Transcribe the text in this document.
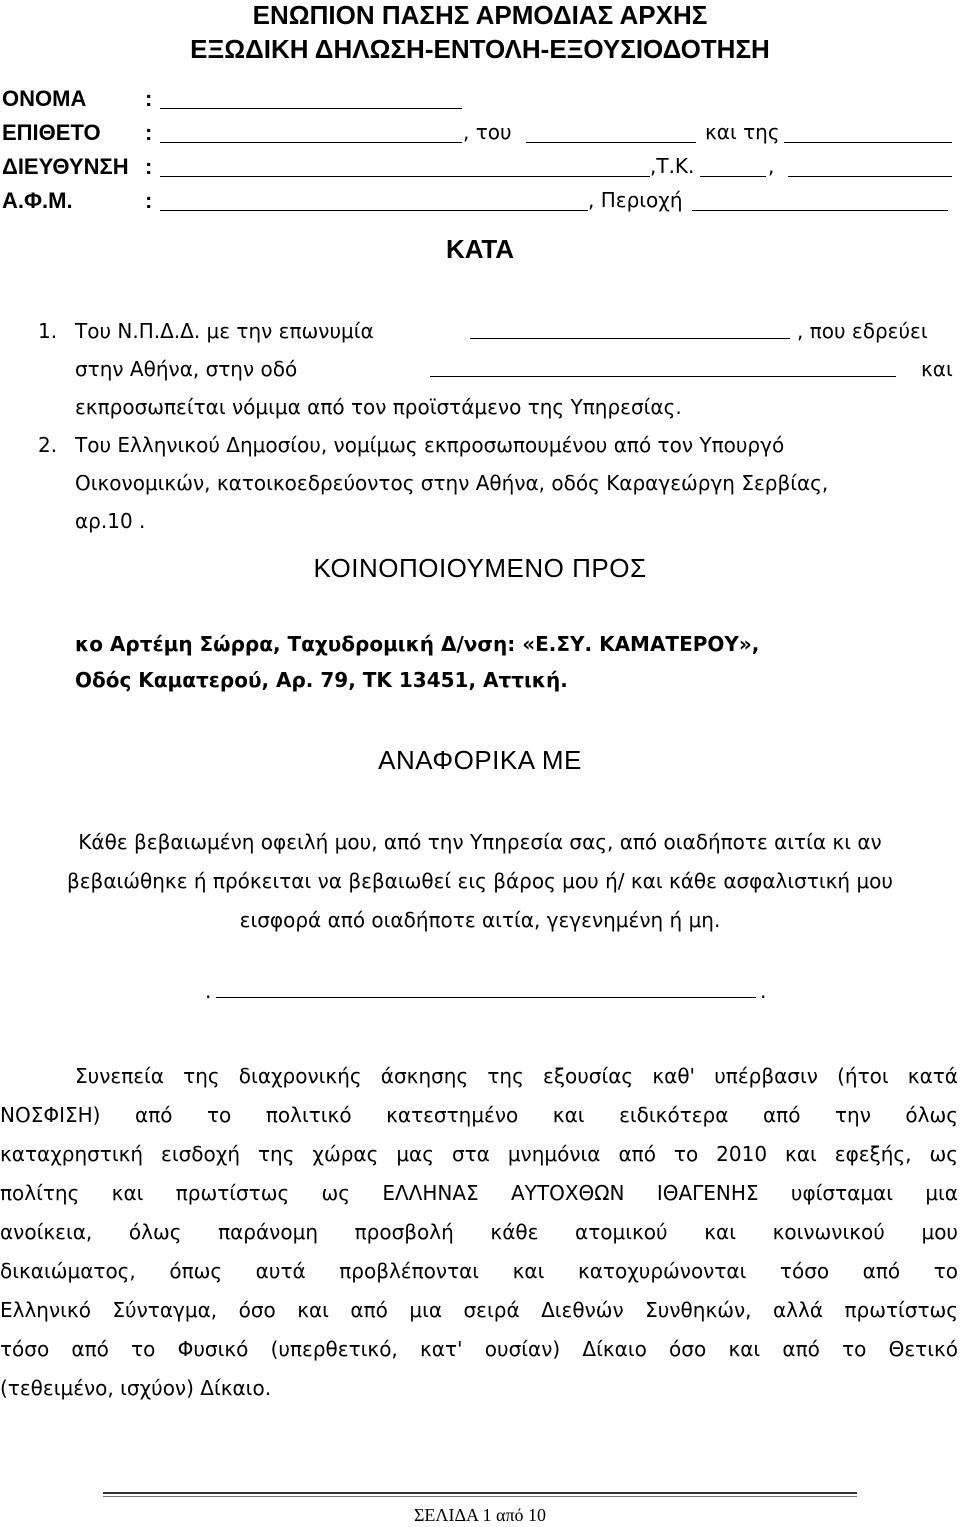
ΕΝΩΠΙΟΝ ΠΑΣΗΣ ΑΡΜΟΔΙΑΣ ΑΡΧΗΣ
ΕΞΩΔΙΚΗ ΔΗΛΩΣΗ-ΕΝΤΟΛΗ-ΕΞΟΥΣΙΟΔΟΤΗΣΗ
ΟΝΟΜΑ	:
ΕΠΙΘΕΤΟ :	, του	και της
ΔΙΕΥΘΥΝΣΗ :	,Τ.Κ.	,
Α.Φ.Μ.	:	, Περιοχή
ΚΑΤΑ
1. Του Ν.Π.Δ.Δ. με την επωνυμία	, που εδρεύει
στην Αθήνα, στην οδό	και
εκπροσωπείται νόμιμα από τον προϊστάμενο της Υπηρεσίας.
2. Του Ελληνικού Δημοσίου, νομίμως εκπροσωπουμένου από τον Υπουργό
Οικονομικών, κατοικοεδρεύοντος στην Αθήνα, οδός Καραγεώργη Σερβίας,
αρ.10 .
ΚΟΙΝΟΠΟΙΟΥΜΕΝΟ ΠΡΟΣ
κο Αρτέμη Σώρρα, Ταχυδρομική Δ/νση: «Ε.ΣΥ. ΚΑΜΑΤΕΡΟΥ»,
Οδός Καματερού, Αρ. 79, ΤΚ 13451, Αττική.
ΑΝΑΦΟΡΙΚΑ ΜΕ
Κάθε βεβαιωμένη οφειλή μου, από την Υπηρεσία σας, από οιαδήποτε αιτία κι αν
βεβαιώθηκε ή πρόκειται να βεβαιωθεί εις βάρος μου ή/ και κάθε ασφαλιστική μου
εισφορά από οιαδήποτε αιτία, γεγενημένη ή μη.
.	.
Συνεπεία της διαχρονικής άσκησης της εξουσίας καθ' υπέρβασιν (ήτοι κατά
ΝΟΣΦΙΣΗ) από το πολιτικό κατεστημένο και ειδικότερα από την όλως
καταχρηστική εισδοχή της χώρας μας στα μνημόνια από το 2010 και εφεξής, ως
πολίτης και πρωτίστως ως ΕΛΛΗΝΑΣ ΑΥΤΟΧΘΩΝ ΙΘΑΓΕΝΗΣ υφίσταμαι μια
ανοίκεια, όλως παράνομη προσβολή κάθε ατομικού και κοινωνικού μου
δικαιώματος, όπως αυτά προβλέπονται και κατοχυρώνονται τόσο από το
Ελληνικό Σύνταγμα, όσο και από μια σειρά Διεθνών Συνθηκών, αλλά πρωτίστως
τόσο από το Φυσικό (υπερθετικό, κατ' ουσίαν) Δίκαιο όσο και από το Θετικό
(τεθειμένο, ισχύον) Δίκαιο.
ΣΕΛΙΔΑ 1 από 10
